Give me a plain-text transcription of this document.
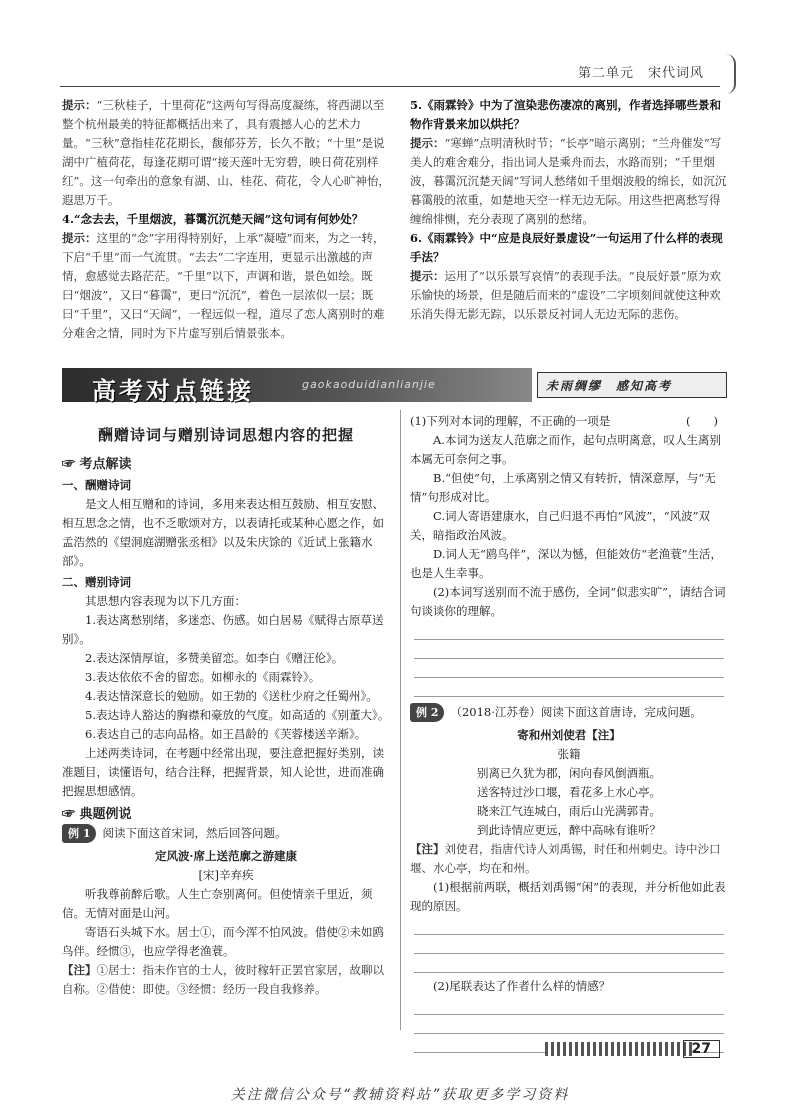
第二单元　宋代词风

提示：“三秋桂子，十里荷花”这两句写得高度凝练，将西湖以至整个杭州最美的特征都概括出来了，具有震撼人心的艺术力量。“三秋”意指桂花花期长，馥郁芬芳，长久不散；“十里”是说湖中广植荷花，每逢花期可谓“接天莲叶无穷碧，映日荷花别样红”。这一句牵出的意象有湖、山、桂花、荷花，令人心旷神怡，遐思万千。

4.“念去去，千里烟波，暮霭沉沉楚天阔”这句词有何妙处？

提示：这里的“念”字用得特别好，上承“凝噎”而来，为之一转，下启“千里”而一气流贯。“去去”二字连用，更显示出激越的声情，愈感觉去路茫茫。“千里”以下，声调和谐，景色如绘。既曰“烟波”，又曰“暮霭”，更曰“沉沉”，着色一层浓似一层；既曰“千里”，又曰“天阔”，一程远似一程，道尽了恋人离别时的难分难舍之情，同时为下片虚写别后情景张本。

5.《雨霖铃》中为了渲染悲伤凄凉的离别，作者选择哪些景和物作背景来加以烘托？

提示：“寒蝉”点明清秋时节；“长亭”暗示离别；“兰舟催发”写美人的难舍难分，指出词人是乘舟而去，水路而别；“千里烟波，暮霭沉沉楚天阔”写词人愁绪如千里烟波般的绵长，如沉沉暮霭般的浓重，如楚地天空一样无边无际。用这些把离愁写得缠绵悱恻，充分表现了离别的愁绪。

6.《雨霖铃》中“应是良辰好景虚设”一句运用了什么样的表现手法？

提示：运用了“以乐景写哀情”的表现手法。“良辰好景”原为欢乐愉快的场景，但是随后而来的“虚设”二字顷刻间就使这种欢乐消失得无影无踪，以乐景反衬词人无边无际的悲伤。

高考对点链接	gaokaoduidianlianjie	未雨绸缪　感知高考
酬赠诗词与赠别诗词思想内容的把握
☞ 考点解读

一、酬赠诗词

是文人相互赠和的诗词，多用来表达相互鼓励、相互安慰、相互思念之情，也不乏歌颂对方，以表请托或某种心愿之作，如孟浩然的《望洞庭湖赠张丞相》以及朱庆馀的《近试上张籍水部》。

二、赠别诗词

其思想内容表现为以下几方面：

1.表达离愁别绪，多迷恋、伤感。如白居易《赋得古原草送别》。

2.表达深情厚谊，多赞美留恋。如李白《赠汪伦》。

3.表达依依不舍的留恋。如柳永的《雨霖铃》。

4.表达情深意长的勉励。如王勃的《送杜少府之任蜀州》。

5.表达诗人豁达的胸襟和豪放的气度。如高适的《别董大》。

6.表达自己的志向品格。如王昌龄的《芙蓉楼送辛渐》。

上述两类诗词，在考题中经常出现，要注意把握好类别，读准题目，读懂语句，结合注释，把握背景，知人论世，进而准确把握思想感情。

☞ 典题例说

例 1 阅读下面这首宋词，然后回答问题。

定风波·席上送范廓之游建康

[宋]辛弃疾

听我尊前醉后歌。人生亡奈别离何。但使情亲千里近，须信。无情对面是山河。

寄语石头城下水。居士①，而今浑不怕风波。借使②未如鸥鸟伴。经惯③，也应学得老渔蓑。

【注】①居士：指未作官的士人，彼时稼轩正罢官家居，故聊以自称。②借使：即使。③经惯：经历一段自我修养。

(1)下列对本词的理解，不正确的一项是	(　　)

A.本词为送友人范廓之而作，起句点明离意，叹人生离别本属无可奈何之事。

B.“但使”句，上承离别之情又有转折，情深意厚，与“无情”句形成对比。

C.词人寄语建康水，自己归退不再怕“风波”，“风波”双关，暗指政治风波。

D.词人无“鸥鸟伴”，深以为憾，但能效仿“老渔蓑”生活，也是人生幸事。

(2)本词写送别而不流于感伤，全词“似悲实旷”，请结合词句谈谈你的理解。

例 2 （2018·江苏卷）阅读下面这首唐诗，完成问题。

寄和州刘使君【注】

张籍

别离已久犹为郡，闲向春风倒酒瓶。

送客特过沙口堰，看花多上水心亭。

晓来江气连城白，雨后山光满郭青。

到此诗情应更远，醉中高咏有谁听？

【注】刘使君，指唐代诗人刘禹锡，时任和州刺史。诗中沙口堰、水心亭，均在和州。

(1)根据前两联，概括刘禹锡“闲”的表现，并分析他如此表现的原因。

(2)尾联表达了作者什么样的情感？

27
关注微信公众号“教辅资料站”获取更多学习资料
